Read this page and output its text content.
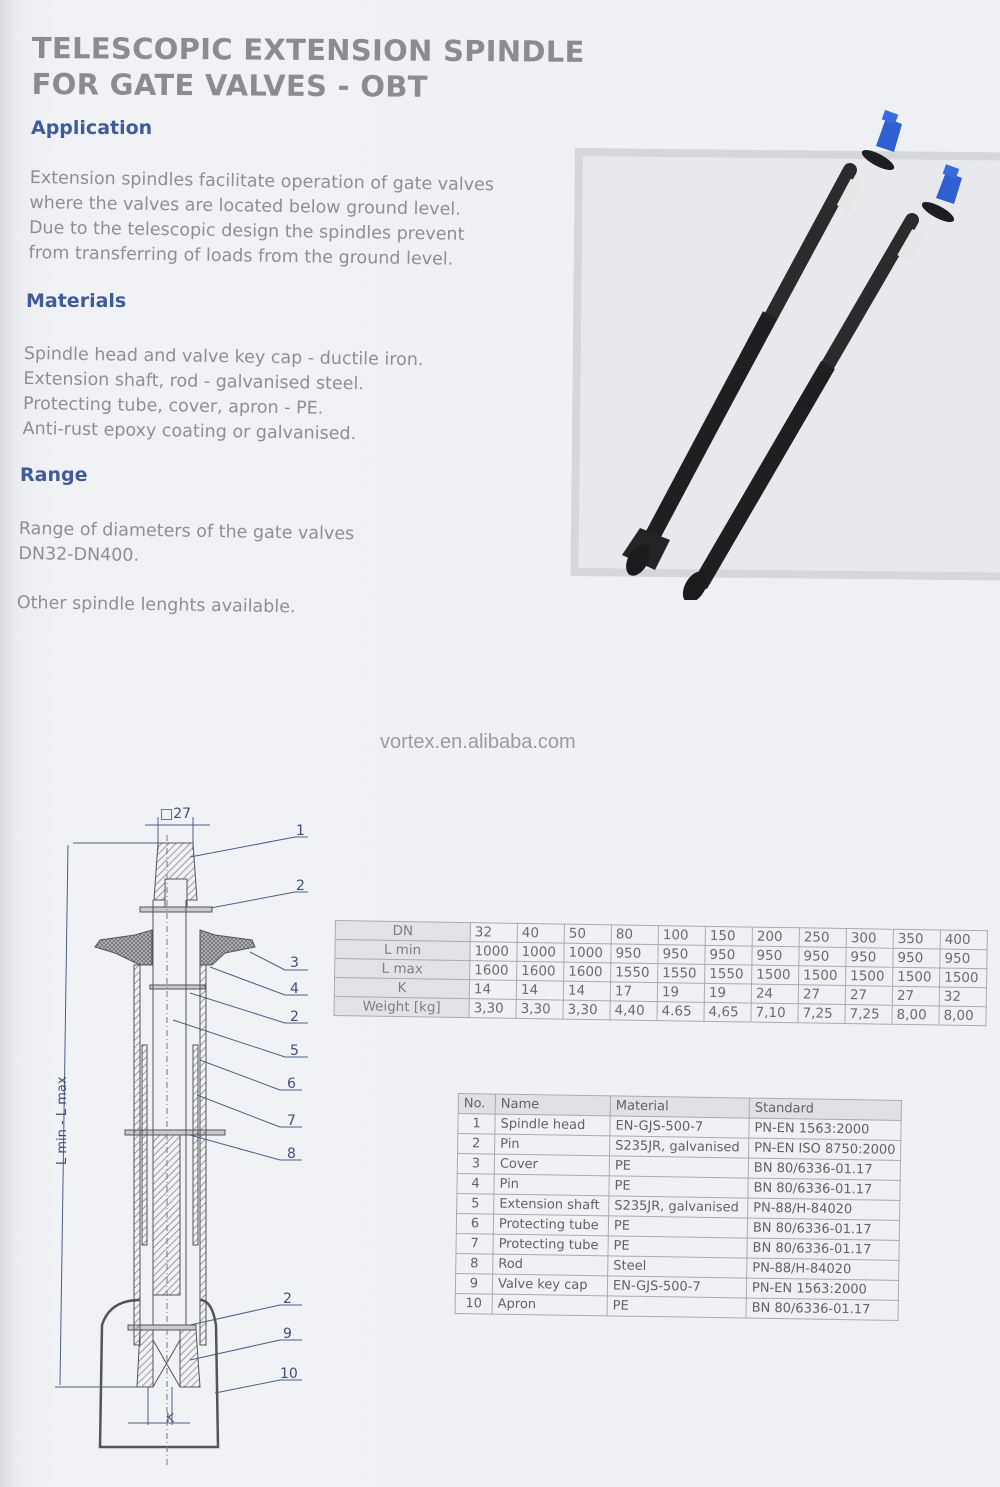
TELESCOPIC EXTENSION SPINDLE
FOR GATE VALVES - OBT
Application
Extension spindles facilitate operation of gate valves
where the valves are located below ground level.
Due to the telescopic design the spindles prevent
from transferring of loads from the ground level.
Materials
Spindle head and valve key cap - ductile iron.
Extension shaft, rod - galvanised steel.
Protecting tube, cover, apron - PE.
Anti-rust epoxy coating or galvanised.
Range
Range of diameters of the gate valves
DN32-DN400.
Other spindle lenghts available.

vortex.en.alibaba.com

□27
K
L min - L max
1
2
3
4
2
5
6
7
8
2
9
10
DN	32	40	50	80	100	150	200	250	300	350	400
L min	1000	1000	1000	950	950	950	950	950	950	950	950
L max	1600	1600	1600	1550	1550	1550	1500	1500	1500	1500	1500
K	14	14	14	17	19	19	24	27	27	27	32
Weight [kg]	3,30	3,30	3,30	4,40	4.65	4,65	7,10	7,25	7,25	8,00	8,00
No.	Name	Material	Standard
1	Spindle head	EN-GJS-500-7	PN-EN 1563:2000
2	Pin	S235JR, galvanised	PN-EN ISO 8750:2000
3	Cover	PE	BN 80/6336-01.17
4	Pin	PE	BN 80/6336-01.17
5	Extension shaft	S235JR, galvanised	PN-88/H-84020
6	Protecting tube	PE	BN 80/6336-01.17
7	Protecting tube	PE	BN 80/6336-01.17
8	Rod	Steel	PN-88/H-84020
9	Valve key cap	EN-GJS-500-7	PN-EN 1563:2000
10	Apron	PE	BN 80/6336-01.17
